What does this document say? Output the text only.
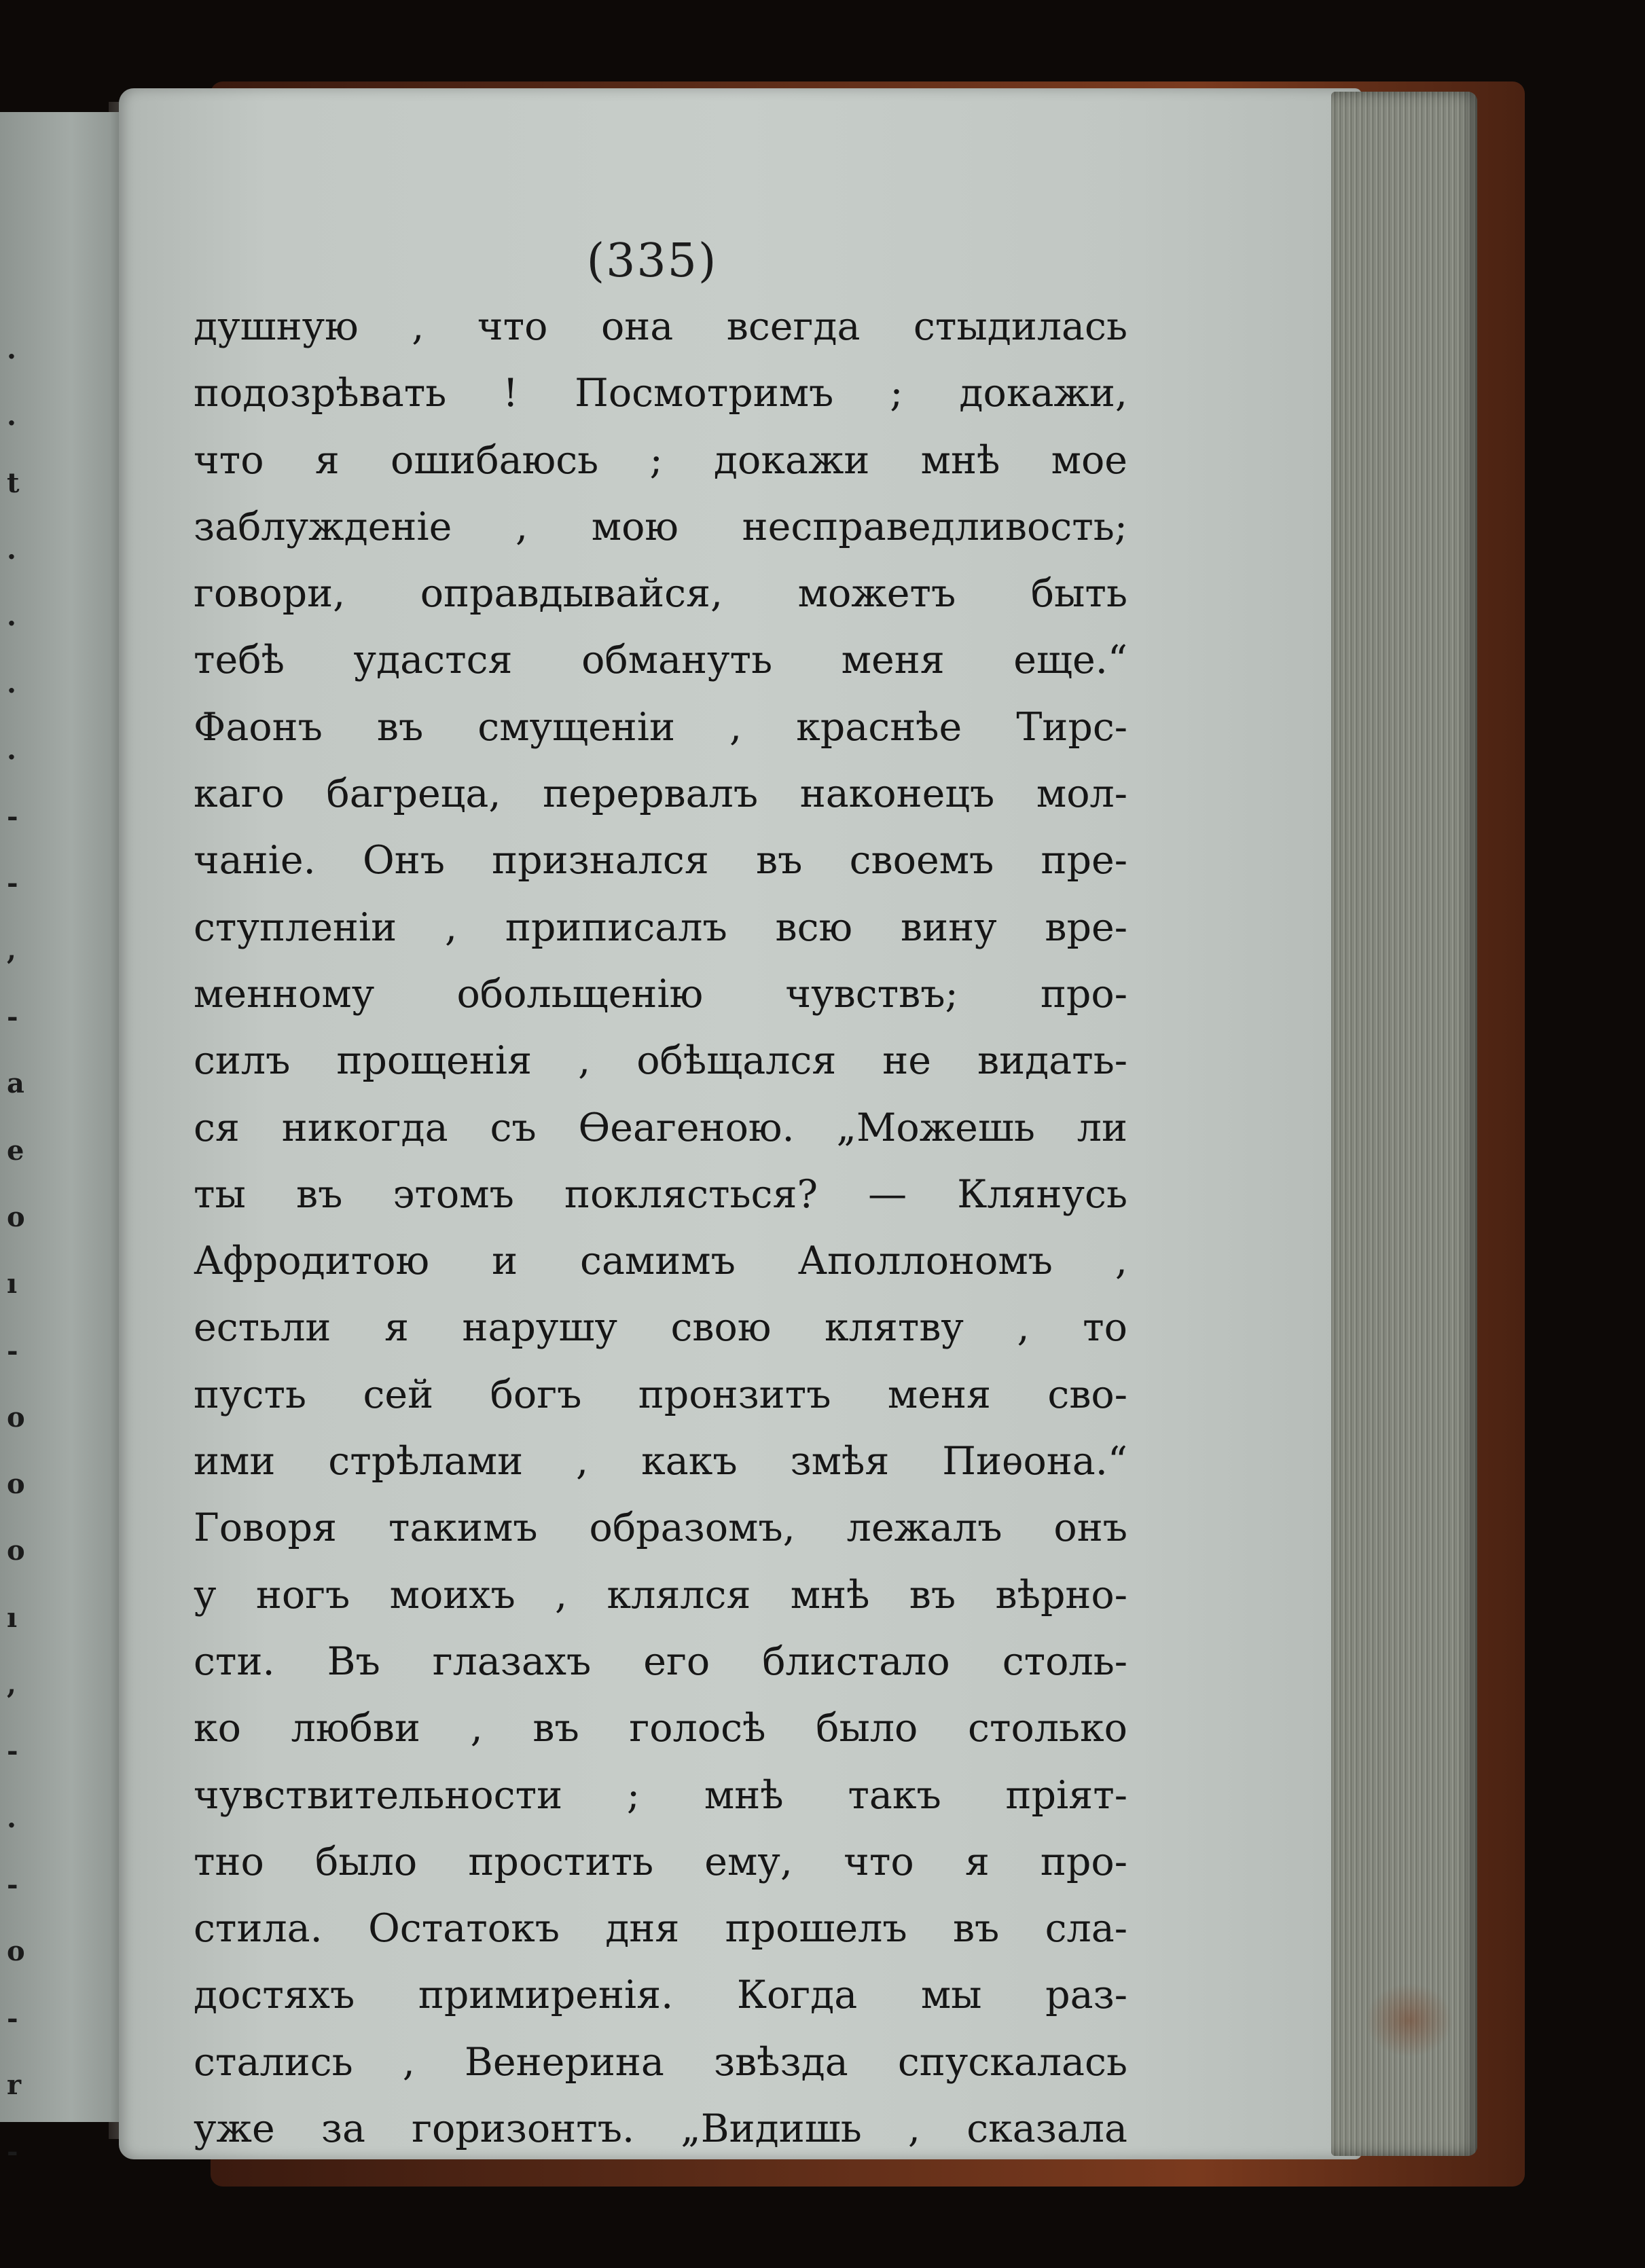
.
.
t
.
.
.
.
-
-
,
-
a
e
o
ı
-
o
o
o
ı
,
-
.
-
o
-
r
-
(335)
душную , что она всегда стыдилась
подозрѣвать ! Посмотримъ ; докажи,
что я ошибаюсь ; докажи мнѣ мое
заблужденіе , мою несправедливость;
говори, оправдывайся, можетъ быть
тебѣ удастся обмануть меня еще.“
Фаонъ въ смущеніи , краснѣе Тирс-
каго багреца, перервалъ наконецъ мол-
чаніе. Онъ признался въ своемъ пре-
ступленіи , приписалъ всю вину вре-
менному обольщенію чувствъ; про-
силъ прощенія , обѣщался не видать-
ся никогда съ Ѳеагеною. „Можешь ли
ты въ этомъ поклясться? — Клянусь
Афродитою и самимъ Аполлономъ ,
естьли я нарушу свою клятву , то
пусть сей богъ пронзитъ меня сво-
ими стрѣлами , какъ змѣя Пиѳона.“
Говоря такимъ образомъ, лежалъ онъ
у ногъ моихъ , клялся мнѣ въ вѣрно-
сти. Въ глазахъ его блистало столь-
ко любви , въ голосѣ было столько
чувствительности ; мнѣ такъ пріят-
тно было простить ему, что я про-
стила. Остатокъ дня прошелъ въ сла-
достяхъ примиренія. Когда мы раз-
стались , Венерина звѣзда спускалась
уже за горизонтъ. „Видишь , сказала
